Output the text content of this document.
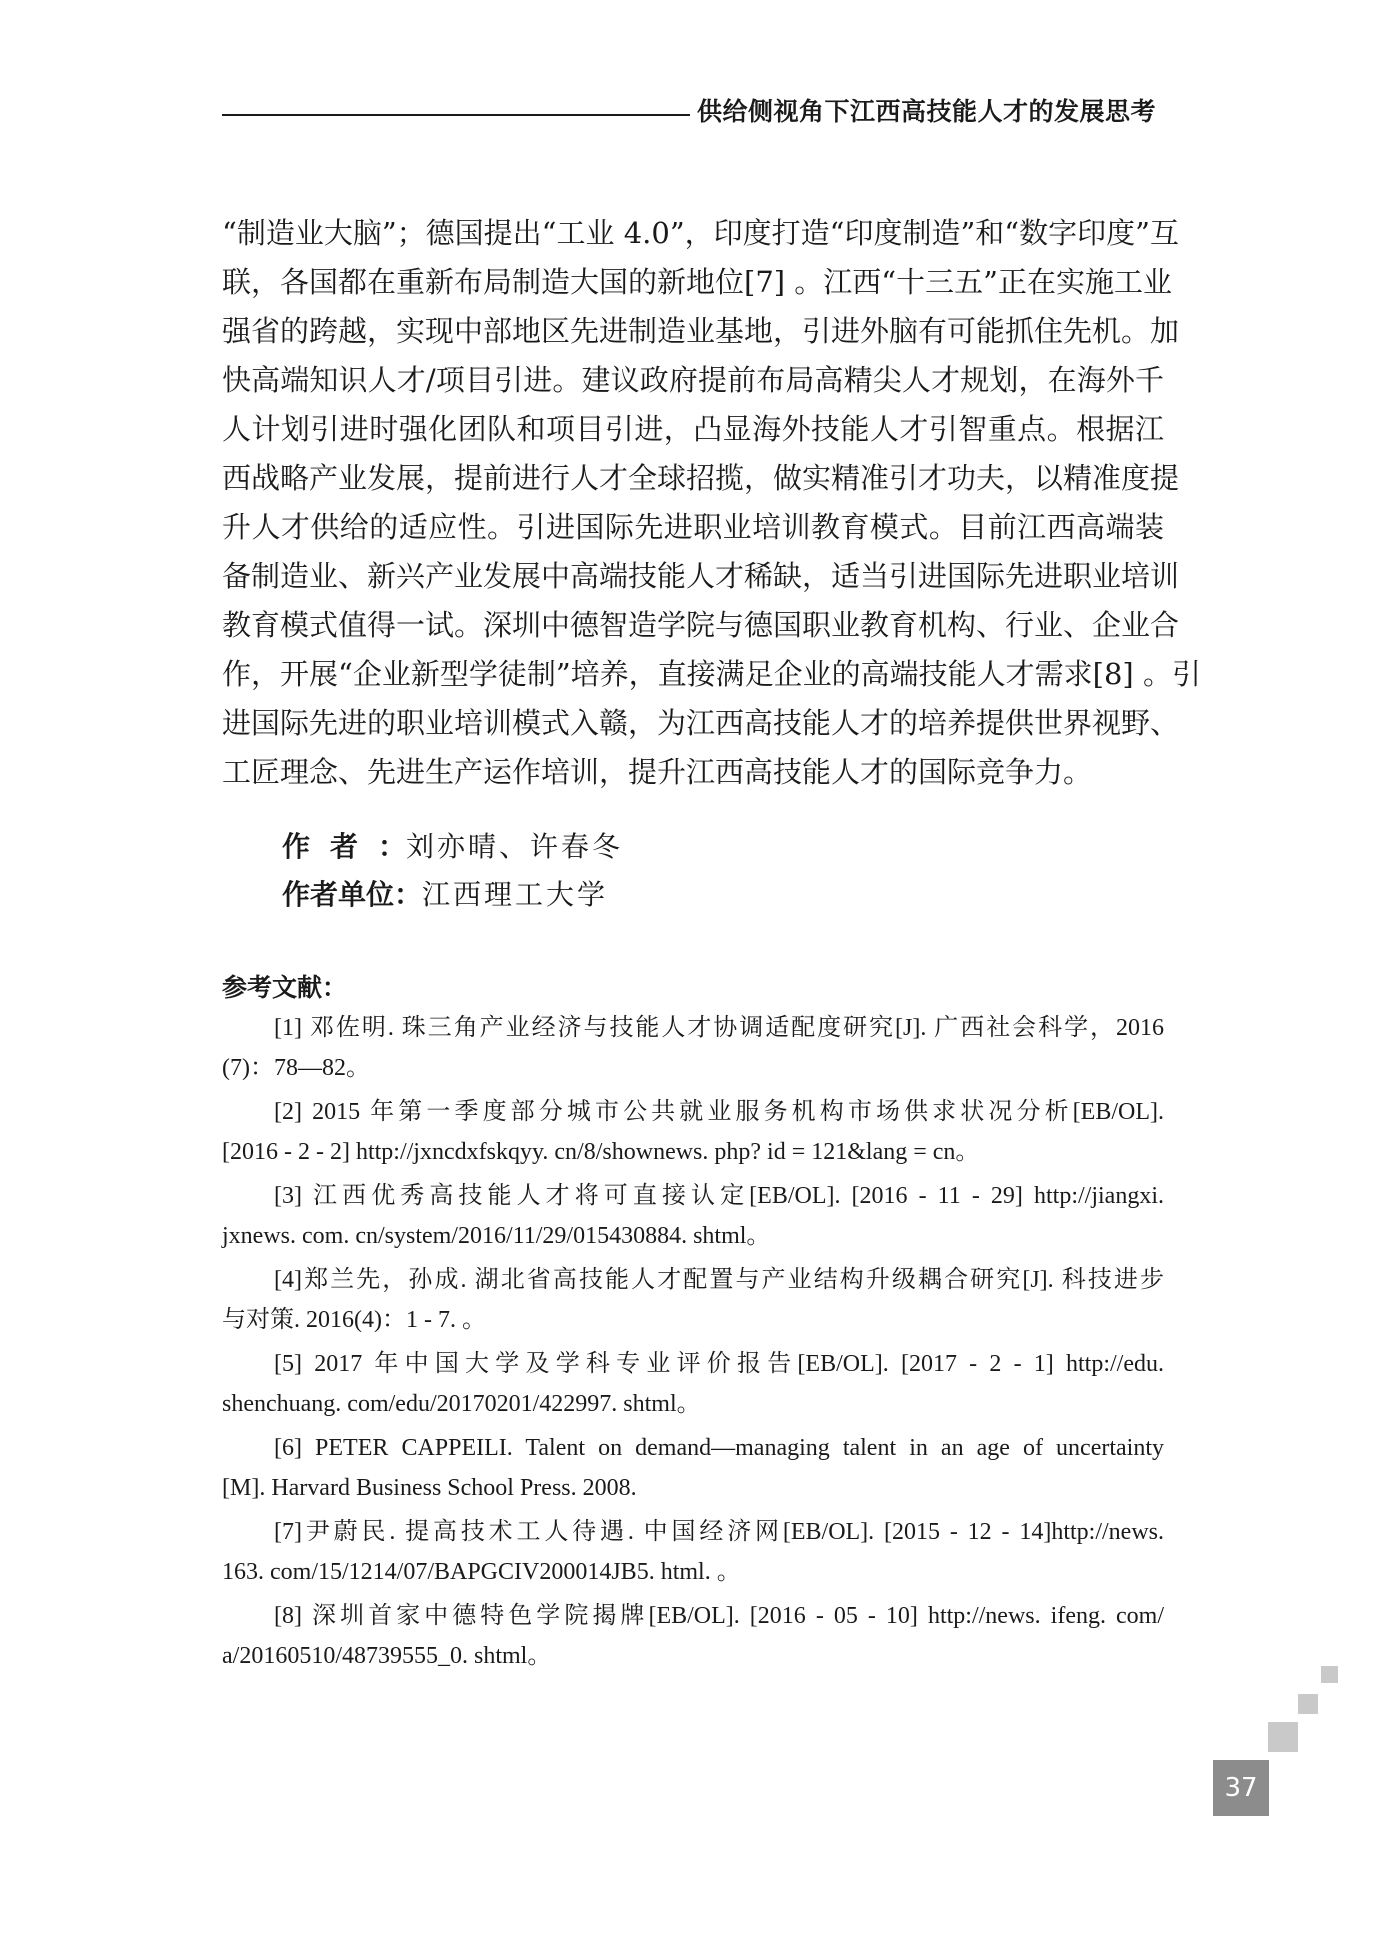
供给侧视角下江西高技能人才的发展思考
“制造业大脑”；德国提出“工业 4.0”，印度打造“印度制造”和“数字印度”互
联，各国都在重新布局制造大国的新地位[7] 。江西“十三五”正在实施工业
强省的跨越，实现中部地区先进制造业基地，引进外脑有可能抓住先机。加
快高端知识人才/项目引进。建议政府提前布局高精尖人才规划，在海外千
人计划引进时强化团队和项目引进，凸显海外技能人才引智重点。根据江
西战略产业发展，提前进行人才全球招揽，做实精准引才功夫，以精准度提
升人才供给的适应性。引进国际先进职业培训教育模式。目前江西高端装
备制造业、新兴产业发展中高端技能人才稀缺，适当引进国际先进职业培训
教育模式值得一试。深圳中德智造学院与德国职业教育机构、行业、企业合
作，开展“企业新型学徒制”培养，直接满足企业的高端技能人才需求[8] 。引
进国际先进的职业培训模式入赣，为江西高技能人才的培养提供世界视野、
工匠理念、先进生产运作培训，提升江西高技能人才的国际竞争力。
作者：刘亦晴、许春冬
作者单位：江西理工大学
参考文献：
[1] 邓佐明. 珠三角产业经济与技能人才协调适配度研究[J]. 广西社会科学，2016
(7)：78—82。
[2] 2015 年第一季度部分城市公共就业服务机构市场供求状况分析[EB/OL].
[2016 - 2 - 2] http://jxncdxfskqyy. cn/8/shownews. php? id = 121&lang = cn。
[3] 江西优秀高技能人才将可直接认定[EB/OL]. [2016 - 11 - 29] http://jiangxi.
jxnews. com. cn/system/2016/11/29/015430884. shtml。
[4]郑兰先，孙成. 湖北省高技能人才配置与产业结构升级耦合研究[J]. 科技进步
与对策. 2016(4)：1 - 7. 。
[5] 2017 年中国大学及学科专业评价报告[EB/OL]. [2017 - 2 - 1] http://edu.
shenchuang. com/edu/20170201/422997. shtml。
[6] PETER CAPPEILI. Talent on demand—managing talent in an age of uncertainty
[M]. Harvard Business School Press. 2008.
[7]尹蔚民. 提高技术工人待遇. 中国经济网[EB/OL]. [2015 - 12 - 14]http://news.
163. com/15/1214/07/BAPGCIV200014JB5. html. 。
[8] 深圳首家中德特色学院揭牌[EB/OL]. [2016 - 05 - 10] http://news. ifeng. com/
a/20160510/48739555_0. shtml。
37
